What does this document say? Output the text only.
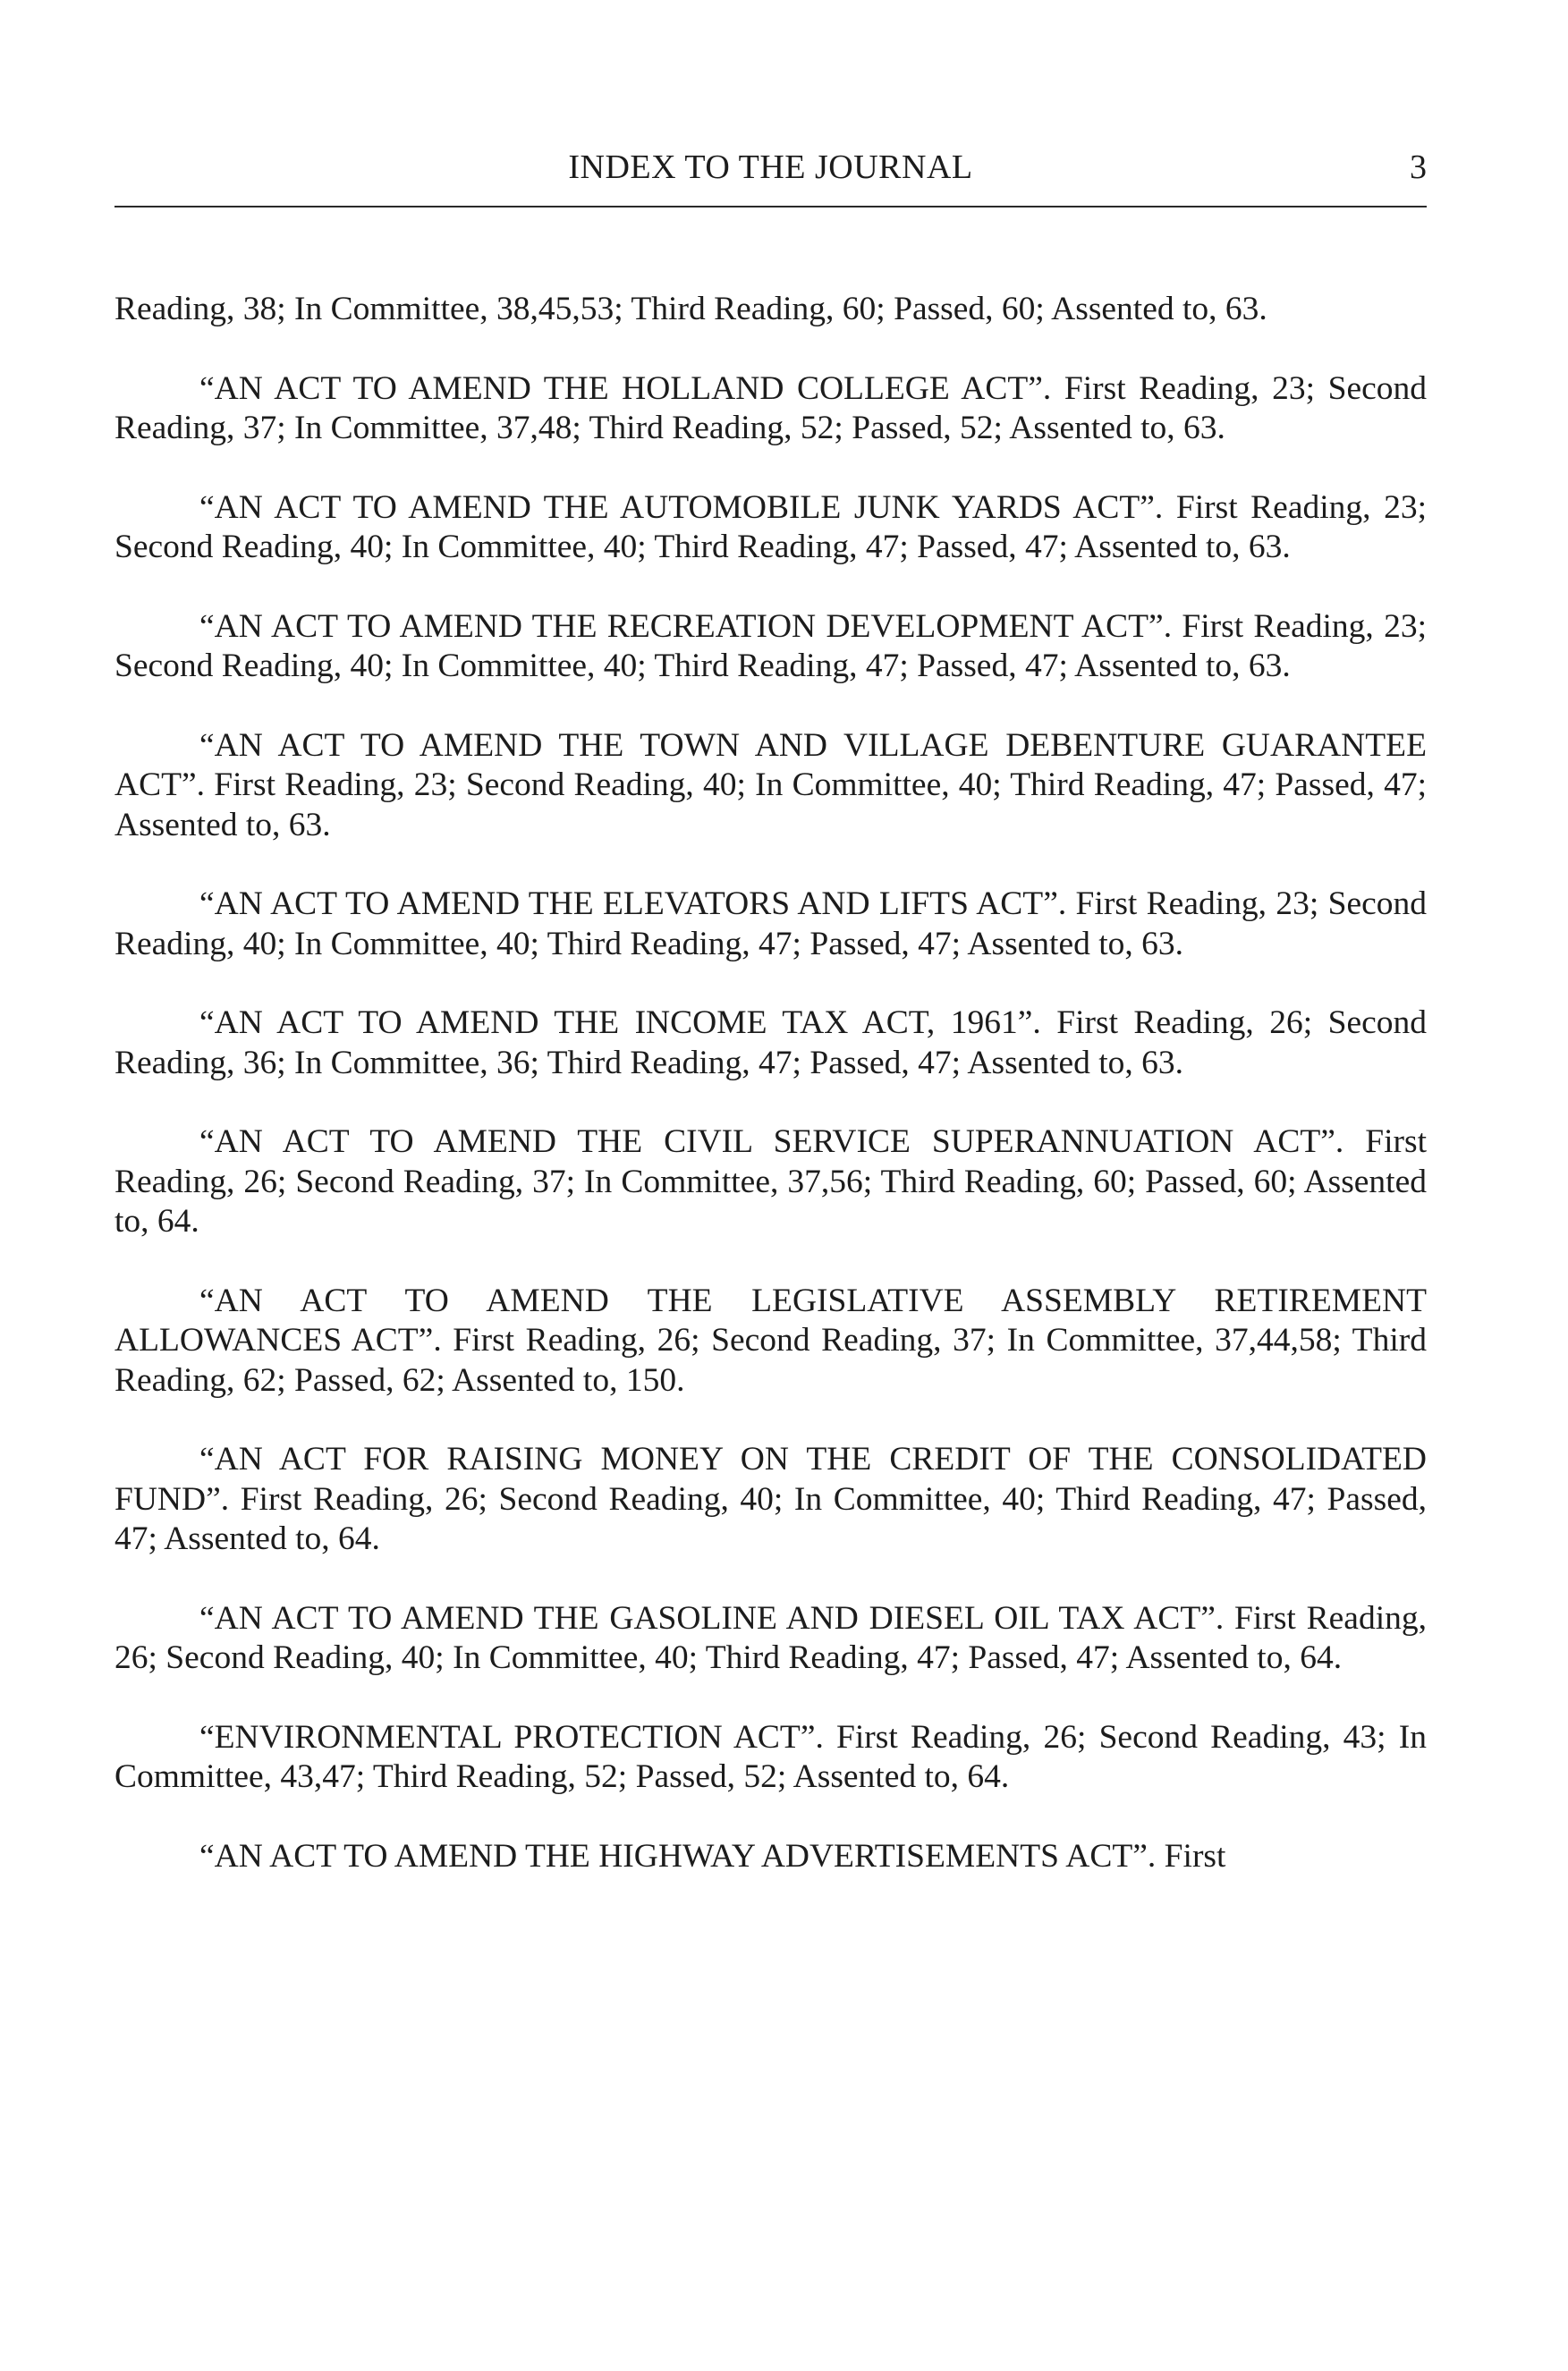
INDEX TO THE JOURNAL	3

Reading, 38; In Committee, 38,45,53; Third Reading, 60; Passed, 60; Assented to, 63.

“AN ACT TO AMEND THE HOLLAND COLLEGE ACT”. First Reading, 23; Second Reading, 37; In Committee, 37,48; Third Reading, 52; Passed, 52; Assented to, 63.

“AN ACT TO AMEND THE AUTOMOBILE JUNK YARDS ACT”. First Reading, 23; Second Reading, 40; In Committee, 40; Third Reading, 47; Passed, 47; Assented to, 63.

“AN ACT TO AMEND THE RECREATION DEVELOPMENT ACT”. First Reading, 23; Second Reading, 40; In Committee, 40; Third Reading, 47; Passed, 47; Assented to, 63.

“AN ACT TO AMEND THE TOWN AND VILLAGE DEBENTURE GUARANTEE ACT”. First Reading, 23; Second Reading, 40; In Committee, 40; Third Reading, 47; Passed, 47; Assented to, 63.

“AN ACT TO AMEND THE ELEVATORS AND LIFTS ACT”. First Reading, 23; Second Reading, 40; In Committee, 40; Third Reading, 47; Passed, 47; Assented to, 63.

“AN ACT TO AMEND THE INCOME TAX ACT, 1961”. First Reading, 26; Second Reading, 36; In Committee, 36; Third Reading, 47; Passed, 47; Assented to, 63.

“AN ACT TO AMEND THE CIVIL SERVICE SUPERANNUATION ACT”. First Reading, 26; Second Reading, 37; In Committee, 37,56; Third Reading, 60; Passed, 60; Assented to, 64.

“AN ACT TO AMEND THE LEGISLATIVE ASSEMBLY RETIREMENT ALLOWANCES ACT”. First Reading, 26; Second Reading, 37; In Committee, 37,44,58; Third Reading, 62; Passed, 62; Assented to, 150.

“AN ACT FOR RAISING MONEY ON THE CREDIT OF THE CONSOLIDATED FUND”. First Reading, 26; Second Reading, 40; In Committee, 40; Third Reading, 47; Passed, 47; Assented to, 64.

“AN ACT TO AMEND THE GASOLINE AND DIESEL OIL TAX ACT”. First Reading, 26; Second Reading, 40; In Committee, 40; Third Reading, 47; Passed, 47; Assented to, 64.

“ENVIRONMENTAL PROTECTION ACT”. First Reading, 26; Second Reading, 43; In Committee, 43,47; Third Reading, 52; Passed, 52; Assented to, 64.

“AN ACT TO AMEND THE HIGHWAY ADVERTISEMENTS ACT”. First
